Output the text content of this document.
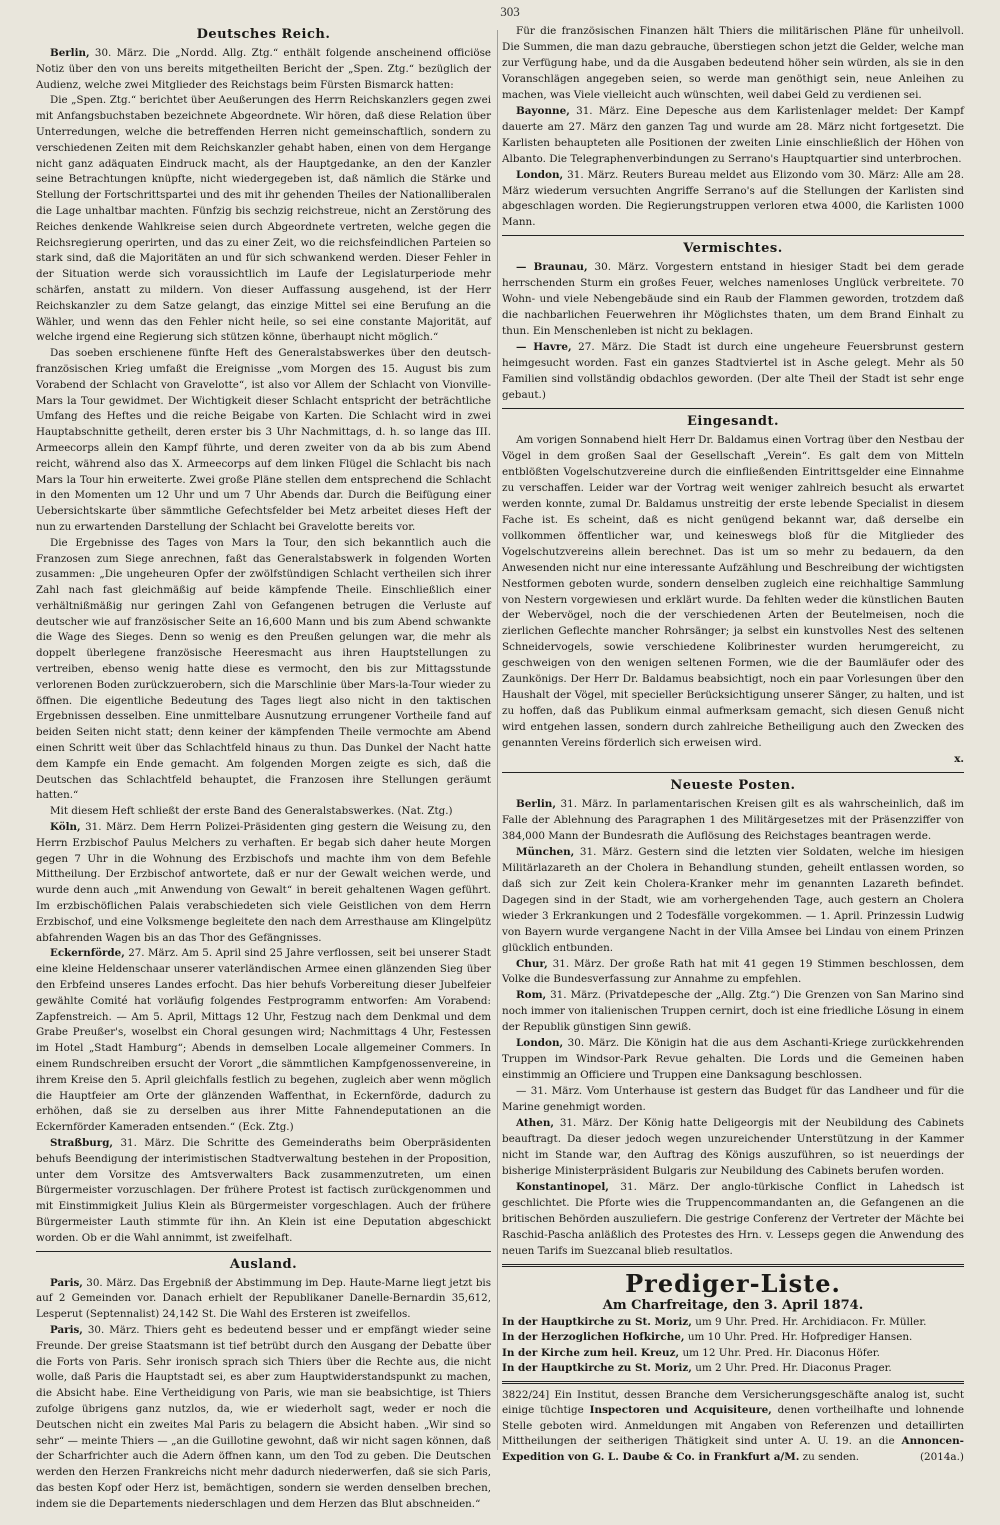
303
Deutsches Reich.

Berlin, 30. März. Die „Nordd. Allg. Ztg.“ enthält folgende anscheinend officiöse Notiz über den von uns bereits mitgetheilten Bericht der „Spen. Ztg.“ bezüglich der Audienz, welche zwei Mitglieder des Reichstags beim Fürsten Bismarck hatten:

Die „Spen. Ztg.“ berichtet über Aeußerungen des Herrn Reichskanzlers gegen zwei mit Anfangsbuchstaben bezeichnete Abgeordnete. Wir hören, daß diese Relation über Unterredungen, welche die betreffenden Herren nicht gemeinschaftlich, sondern zu verschiedenen Zeiten mit dem Reichskanzler gehabt haben, einen von dem Hergange nicht ganz adäquaten Eindruck macht, als der Hauptgedanke, an den der Kanzler seine Betrachtungen knüpfte, nicht wiedergegeben ist, daß nämlich die Stärke und Stellung der Fortschrittspartei und des mit ihr gehenden Theiles der Nationalliberalen die Lage unhaltbar machten. Fünfzig bis sechzig reichstreue, nicht an Zerstörung des Reiches denkende Wahlkreise seien durch Abgeordnete vertreten, welche gegen die Reichsregierung operirten, und das zu einer Zeit, wo die reichsfeindlichen Parteien so stark sind, daß die Majoritäten an und für sich schwankend werden. Dieser Fehler in der Situation werde sich voraussichtlich im Laufe der Legislaturperiode mehr schärfen, anstatt zu mildern. Von dieser Auffassung ausgehend, ist der Herr Reichskanzler zu dem Satze gelangt, das einzige Mittel sei eine Berufung an die Wähler, und wenn das den Fehler nicht heile, so sei eine constante Majorität, auf welche irgend eine Regierung sich stützen könne, überhaupt nicht möglich.“

Das soeben erschienene fünfte Heft des Generalstabswerkes über den deutsch-französischen Krieg umfaßt die Ereignisse „vom Morgen des 15. August bis zum Vorabend der Schlacht von Gravelotte“, ist also vor Allem der Schlacht von Vionville-Mars la Tour gewidmet. Der Wichtigkeit dieser Schlacht entspricht der beträchtliche Umfang des Heftes und die reiche Beigabe von Karten. Die Schlacht wird in zwei Hauptabschnitte getheilt, deren erster bis 3 Uhr Nachmittags, d. h. so lange das III. Armeecorps allein den Kampf führte, und deren zweiter von da ab bis zum Abend reicht, während also das X. Armeecorps auf dem linken Flügel die Schlacht bis nach Mars la Tour hin erweiterte. Zwei große Pläne stellen dem entsprechend die Schlacht in den Momenten um 12 Uhr und um 7 Uhr Abends dar. Durch die Beifügung einer Uebersichtskarte über sämmtliche Gefechtsfelder bei Metz arbeitet dieses Heft der nun zu erwartenden Darstellung der Schlacht bei Gravelotte bereits vor.

Die Ergebnisse des Tages von Mars la Tour, den sich bekanntlich auch die Franzosen zum Siege anrechnen, faßt das Generalstabswerk in folgenden Worten zusammen: „Die ungeheuren Opfer der zwölfstündigen Schlacht vertheilen sich ihrer Zahl nach fast gleichmäßig auf beide kämpfende Theile. Einschließlich einer verhältnißmäßig nur geringen Zahl von Gefangenen betrugen die Verluste auf deutscher wie auf französischer Seite an 16,600 Mann und bis zum Abend schwankte die Wage des Sieges. Denn so wenig es den Preußen gelungen war, die mehr als doppelt überlegene französische Heeresmacht aus ihren Hauptstellungen zu vertreiben, ebenso wenig hatte diese es vermocht, den bis zur Mittagsstunde verlorenen Boden zurückzuerobern, sich die Marschlinie über Mars-la-Tour wieder zu öffnen. Die eigentliche Bedeutung des Tages liegt also nicht in den taktischen Ergebnissen desselben. Eine unmittelbare Ausnutzung errungener Vortheile fand auf beiden Seiten nicht statt; denn keiner der kämpfenden Theile vermochte am Abend einen Schritt weit über das Schlachtfeld hinaus zu thun. Das Dunkel der Nacht hatte dem Kampfe ein Ende gemacht. Am folgenden Morgen zeigte es sich, daß die Deutschen das Schlachtfeld behauptet, die Franzosen ihre Stellungen geräumt hatten.“

Mit diesem Heft schließt der erste Band des Generalstabswerkes. (Nat. Ztg.)

Köln, 31. März. Dem Herrn Polizei-Präsidenten ging gestern die Weisung zu, den Herrn Erzbischof Paulus Melchers zu verhaften. Er begab sich daher heute Morgen gegen 7 Uhr in die Wohnung des Erzbischofs und machte ihm von dem Befehle Mittheilung. Der Erzbischof antwortete, daß er nur der Gewalt weichen werde, und wurde denn auch „mit Anwendung von Gewalt“ in bereit gehaltenen Wagen geführt. Im erzbischöflichen Palais verabschiedeten sich viele Geistlichen von dem Herrn Erzbischof, und eine Volksmenge begleitete den nach dem Arresthause am Klingelpütz abfahrenden Wagen bis an das Thor des Gefängnisses.

Eckernförde, 27. März. Am 5. April sind 25 Jahre verflossen, seit bei unserer Stadt eine kleine Heldenschaar unserer vaterländischen Armee einen glänzenden Sieg über den Erbfeind unseres Landes erfocht. Das hier behufs Vorbereitung dieser Jubelfeier gewählte Comité hat vorläufig folgendes Festprogramm entworfen: Am Vorabend: Zapfenstreich. — Am 5. April, Mittags 12 Uhr, Festzug nach dem Denkmal und dem Grabe Preußer's, woselbst ein Choral gesungen wird; Nachmittags 4 Uhr, Festessen im Hotel „Stadt Hamburg“; Abends in demselben Locale allgemeiner Commers. In einem Rundschreiben ersucht der Vorort „die sämmtlichen Kampfgenossenvereine, in ihrem Kreise den 5. April gleichfalls festlich zu begehen, zugleich aber wenn möglich die Hauptfeier am Orte der glänzenden Waffenthat, in Eckernförde, dadurch zu erhöhen, daß sie zu derselben aus ihrer Mitte Fahnendeputationen an die Eckernförder Kameraden entsenden.“ (Eck. Ztg.)

Straßburg, 31. März. Die Schritte des Gemeinderaths beim Oberpräsidenten behufs Beendigung der interimistischen Stadtverwaltung bestehen in der Proposition, unter dem Vorsitze des Amtsverwalters Back zusammenzutreten, um einen Bürgermeister vorzuschlagen. Der frühere Protest ist factisch zurückgenommen und mit Einstimmigkeit Julius Klein als Bürgermeister vorgeschlagen. Auch der frühere Bürgermeister Lauth stimmte für ihn. An Klein ist eine Deputation abgeschickt worden. Ob er die Wahl annimmt, ist zweifelhaft.

Ausland.

Paris, 30. März. Das Ergebniß der Abstimmung im Dep. Haute-Marne liegt jetzt bis auf 2 Gemeinden vor. Danach erhielt der Republikaner Danelle-Bernardin 35,612, Lesperut (Septennalist) 24,142 St. Die Wahl des Ersteren ist zweifellos.

Paris, 30. März. Thiers geht es bedeutend besser und er empfängt wieder seine Freunde. Der greise Staatsmann ist tief betrübt durch den Ausgang der Debatte über die Forts von Paris. Sehr ironisch sprach sich Thiers über die Rechte aus, die nicht wolle, daß Paris die Hauptstadt sei, es aber zum Hauptwiderstandspunkt zu machen, die Absicht habe. Eine Vertheidigung von Paris, wie man sie beabsichtige, ist Thiers zufolge übrigens ganz nutzlos, da, wie er wiederholt sagt, weder er noch die Deutschen nicht ein zweites Mal Paris zu belagern die Absicht haben. „Wir sind so sehr“ — meinte Thiers — „an die Guillotine gewohnt, daß wir nicht sagen können, daß der Scharfrichter auch die Adern öffnen kann, um den Tod zu geben. Die Deutschen werden den Herzen Frankreichs nicht mehr dadurch niederwerfen, daß sie sich Paris, das besten Kopf oder Herz ist, bemächtigen, sondern sie werden denselben brechen, indem sie die Departements niederschlagen und dem Herzen das Blut abschneiden.“

Für die französischen Finanzen hält Thiers die militärischen Pläne für unheilvoll. Die Summen, die man dazu gebrauche, überstiegen schon jetzt die Gelder, welche man zur Verfügung habe, und da die Ausgaben bedeutend höher sein würden, als sie in den Voranschlägen angegeben seien, so werde man genöthigt sein, neue Anleihen zu machen, was Viele vielleicht auch wünschten, weil dabei Geld zu verdienen sei.

Bayonne, 31. März. Eine Depesche aus dem Karlistenlager meldet: Der Kampf dauerte am 27. März den ganzen Tag und wurde am 28. März nicht fortgesetzt. Die Karlisten behaupteten alle Positionen der zweiten Linie einschließlich der Höhen von Albanto. Die Telegraphenverbindungen zu Serrano's Hauptquartier sind unterbrochen.

London, 31. März. Reuters Bureau meldet aus Elizondo vom 30. März: Alle am 28. März wiederum versuchten Angriffe Serrano's auf die Stellungen der Karlisten sind abgeschlagen worden. Die Regierungstruppen verloren etwa 4000, die Karlisten 1000 Mann.

Vermischtes.

— Braunau, 30. März. Vorgestern entstand in hiesiger Stadt bei dem gerade herrschenden Sturm ein großes Feuer, welches namenloses Unglück verbreitete. 70 Wohn- und viele Nebengebäude sind ein Raub der Flammen geworden, trotzdem daß die nachbarlichen Feuerwehren ihr Möglichstes thaten, um dem Brand Einhalt zu thun. Ein Menschenleben ist nicht zu beklagen.

— Havre, 27. März. Die Stadt ist durch eine ungeheure Feuersbrunst gestern heimgesucht worden. Fast ein ganzes Stadtviertel ist in Asche gelegt. Mehr als 50 Familien sind vollständig obdachlos geworden. (Der alte Theil der Stadt ist sehr enge gebaut.)

Eingesandt.

Am vorigen Sonnabend hielt Herr Dr. Baldamus einen Vortrag über den Nestbau der Vögel in dem großen Saal der Gesellschaft „Verein“. Es galt dem von Mitteln entblößten Vogelschutzvereine durch die einfließenden Eintrittsgelder eine Einnahme zu verschaffen. Leider war der Vortrag weit weniger zahlreich besucht als erwartet werden konnte, zumal Dr. Baldamus unstreitig der erste lebende Specialist in diesem Fache ist. Es scheint, daß es nicht genügend bekannt war, daß derselbe ein vollkommen öffentlicher war, und keineswegs bloß für die Mitglieder des Vogelschutzvereins allein berechnet. Das ist um so mehr zu bedauern, da den Anwesenden nicht nur eine interessante Aufzählung und Beschreibung der wichtigsten Nestformen geboten wurde, sondern denselben zugleich eine reichhaltige Sammlung von Nestern vorgewiesen und erklärt wurde. Da fehlten weder die künstlichen Bauten der Webervögel, noch die der verschiedenen Arten der Beutelmeisen, noch die zierlichen Geflechte mancher Rohrsänger; ja selbst ein kunstvolles Nest des seltenen Schneidervogels, sowie verschiedene Kolibrinester wurden herumgereicht, zu geschweigen von den wenigen seltenen Formen, wie die der Baumläufer oder des Zaunkönigs. Der Herr Dr. Baldamus beabsichtigt, noch ein paar Vorlesungen über den Haushalt der Vögel, mit specieller Berücksichtigung unserer Sänger, zu halten, und ist zu hoffen, daß das Publikum einmal aufmerksam gemacht, sich diesen Genuß nicht wird entgehen lassen, sondern durch zahlreiche Betheiligung auch den Zwecken des genannten Vereins förderlich sich erweisen wird.

x.
Neueste Posten.

Berlin, 31. März. In parlamentarischen Kreisen gilt es als wahrscheinlich, daß im Falle der Ablehnung des Paragraphen 1 des Militärgesetzes mit der Präsenzziffer von 384,000 Mann der Bundesrath die Auflösung des Reichstages beantragen werde.

München, 31. März. Gestern sind die letzten vier Soldaten, welche im hiesigen Militärlazareth an der Cholera in Behandlung stunden, geheilt entlassen worden, so daß sich zur Zeit kein Cholera-Kranker mehr im genannten Lazareth befindet. Dagegen sind in der Stadt, wie am vorhergehenden Tage, auch gestern an Cholera wieder 3 Erkrankungen und 2 Todesfälle vorgekommen. — 1. April. Prinzessin Ludwig von Bayern wurde vergangene Nacht in der Villa Amsee bei Lindau von einem Prinzen glücklich entbunden.

Chur, 31. März. Der große Rath hat mit 41 gegen 19 Stimmen beschlossen, dem Volke die Bundesverfassung zur Annahme zu empfehlen.

Rom, 31. März. (Privatdepesche der „Allg. Ztg.“) Die Grenzen von San Marino sind noch immer von italienischen Truppen cernirt, doch ist eine friedliche Lösung in einem der Republik günstigen Sinn gewiß.

London, 30. März. Die Königin hat die aus dem Aschanti-Kriege zurückkehrenden Truppen im Windsor-Park Revue gehalten. Die Lords und die Gemeinen haben einstimmig an Officiere und Truppen eine Danksagung beschlossen.

— 31. März. Vom Unterhause ist gestern das Budget für das Landheer und für die Marine genehmigt worden.

Athen, 31. März. Der König hatte Deligeorgis mit der Neubildung des Cabinets beauftragt. Da dieser jedoch wegen unzureichender Unterstützung in der Kammer nicht im Stande war, den Auftrag des Königs auszuführen, so ist neuerdings der bisherige Ministerpräsident Bulgaris zur Neubildung des Cabinets berufen worden.

Konstantinopel, 31. März. Der anglo-türkische Conflict in Lahedsch ist geschlichtet. Die Pforte wies die Truppencommandanten an, die Gefangenen an die britischen Behörden auszuliefern. Die gestrige Conferenz der Vertreter der Mächte bei Raschid-Pascha anläßlich des Protestes des Hrn. v. Lesseps gegen die Anwendung des neuen Tarifs im Suezcanal blieb resultatlos.

Prediger-Liste.
Am Charfreitage, den 3. April 1874.
In der Hauptkirche zu St. Moriz, um 9 Uhr. Pred. Hr. Archidiacon. Fr. Müller.
In der Herzoglichen Hofkirche, um 10 Uhr. Pred. Hr. Hofprediger Hansen.
In der Kirche zum heil. Kreuz, um 12 Uhr. Pred. Hr. Diaconus Höfer.
In der Hauptkirche zu St. Moriz, um 2 Uhr. Pred. Hr. Diaconus Prager.
3822/24] Ein Institut, dessen Branche dem Versicherungsgeschäfte analog ist, sucht einige tüchtige Inspectoren und Acquisiteure, denen vortheilhafte und lohnende Stelle geboten wird. Anmeldungen mit Angaben von Referenzen und detaillirten Mittheilungen der seitherigen Thätigkeit sind unter A. U. 19. an die Annoncen-Expedition von G. L. Daube & Co. in Frankfurt a/M. zu senden.	(2014a.)
